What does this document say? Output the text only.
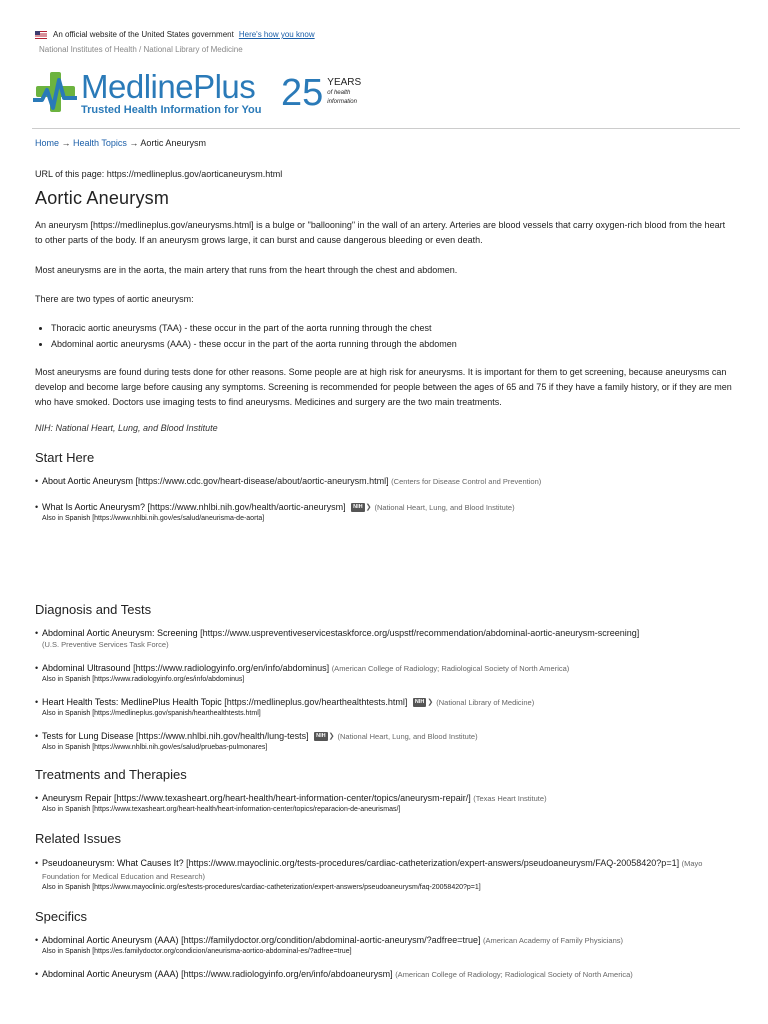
An official website of the United States government Here's how you know
National Institutes of Health / National Library of Medicine
MedlinePlus
Trusted Health Information for You 25 YEARS
of health
information
Home → Health Topics → Aortic Aneurysm
URL of this page: https://medlineplus.gov/aorticaneurysm.html
Aortic Aneurysm

An aneurysm [https://medlineplus.gov/aneurysms.html] is a bulge or "ballooning" in the wall of an artery. Arteries are blood vessels that carry oxygen-rich blood from the heart to other parts of the body. If an aneurysm grows large, it can burst and cause dangerous bleeding or even death.

Most aneurysms are in the aorta, the main artery that runs from the heart through the chest and abdomen.

There are two types of aortic aneurysm:

• Thoracic aortic aneurysms (TAA) - these occur in the part of the aorta running through the chest
• Abdominal aortic aneurysms (AAA) - these occur in the part of the aorta running through the abdomen

Most aneurysms are found during tests done for other reasons. Some people are at high risk for aneurysms. It is important for them to get screening, because aneurysms can develop and become large before causing any symptoms. Screening is recommended for people between the ages of 65 and 75 if they have a family history, or if they are men who have smoked. Doctors use imaging tests to find aneurysms. Medicines and surgery are the two main treatments.

NIH: National Heart, Lung, and Blood Institute
Start Here
• About Aortic Aneurysm [https://www.cdc.gov/heart-disease/about/aortic-aneurysm.html] (Centers for Disease Control and Prevention)
• What Is Aortic Aneurysm? [https://www.nhlbi.nih.gov/health/aortic-aneurysm] NIH ❯ (National Heart, Lung, and Blood Institute)
Also in Spanish [https://www.nhlbi.nih.gov/es/salud/aneurisma-de-aorta]
Diagnosis and Tests
• Abdominal Aortic Aneurysm: Screening [https://www.uspreventiveservicestaskforce.org/uspstf/recommendation/abdominal-aortic-aneurysm-screening]
(U.S. Preventive Services Task Force)
• Abdominal Ultrasound [https://www.radiologyinfo.org/en/info/abdominus] (American College of Radiology; Radiological Society of North America)
Also in Spanish [https://www.radiologyinfo.org/es/info/abdominus]
• Heart Health Tests: MedlinePlus Health Topic [https://medlineplus.gov/hearthealthtests.html] NIH ❯ (National Library of Medicine)
Also in Spanish [https://medlineplus.gov/spanish/hearthealthtests.html]
• Tests for Lung Disease [https://www.nhlbi.nih.gov/health/lung-tests] NIH ❯ (National Heart, Lung, and Blood Institute)
Also in Spanish [https://www.nhlbi.nih.gov/es/salud/pruebas-pulmonares]
Treatments and Therapies
• Aneurysm Repair [https://www.texasheart.org/heart-health/heart-information-center/topics/aneurysm-repair/] (Texas Heart Institute)
Also in Spanish [https://www.texasheart.org/heart-health/heart-information-center/topics/reparacion-de-aneurismas/]
Related Issues
• Pseudoaneurysm: What Causes It? [https://www.mayoclinic.org/tests-procedures/cardiac-catheterization/expert-answers/pseudoaneurysm/FAQ-20058420?p=1] (Mayo Foundation for Medical Education and Research)
Also in Spanish [https://www.mayoclinic.org/es/tests-procedures/cardiac-catheterization/expert-answers/pseudoaneurysm/faq-20058420?p=1]
Specifics
• Abdominal Aortic Aneurysm (AAA) [https://familydoctor.org/condition/abdominal-aortic-aneurysm/?adfree=true] (American Academy of Family Physicians)
Also in Spanish [https://es.familydoctor.org/condicion/aneurisma-aortico-abdominal-es/?adfree=true]
• Abdominal Aortic Aneurysm (AAA) [https://www.radiologyinfo.org/en/info/abdoaneurysm] (American College of Radiology; Radiological Society of North America)
